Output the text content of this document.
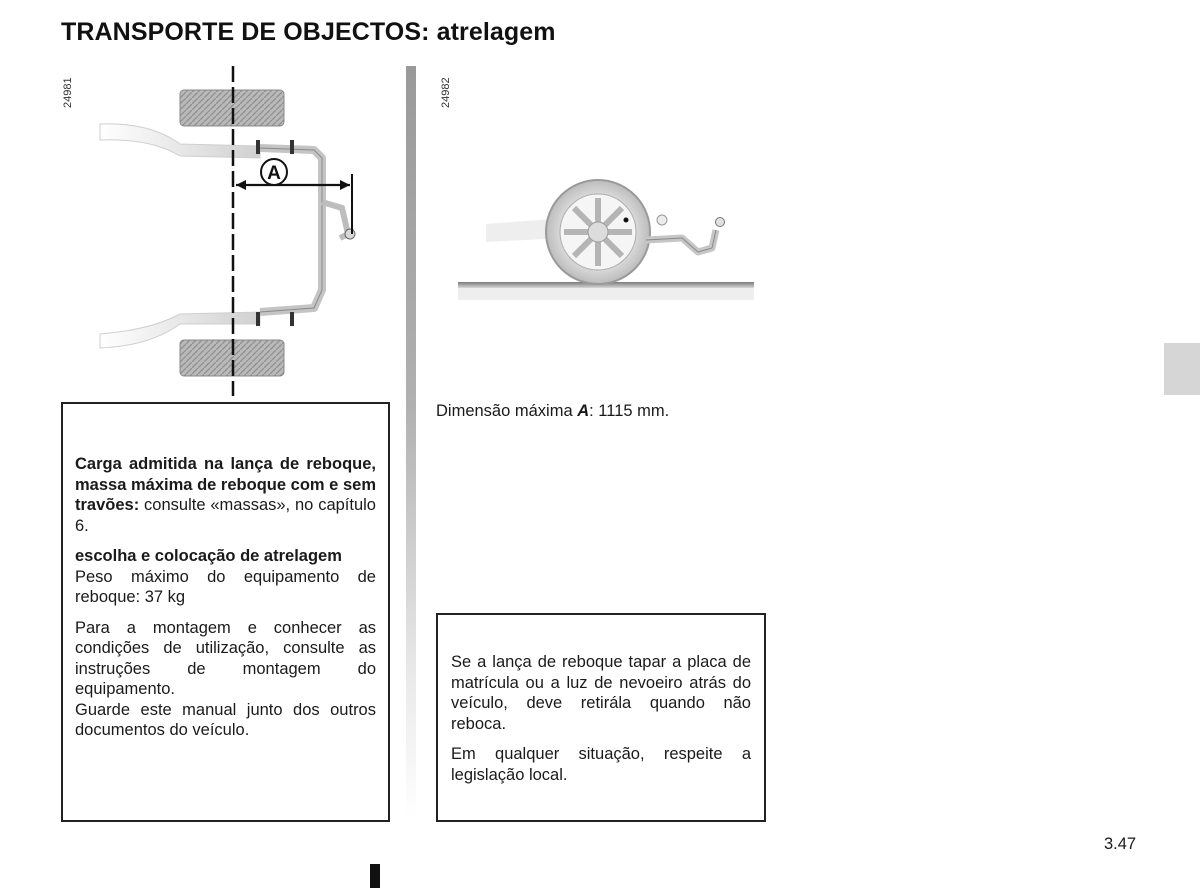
TRANSPORTE DE OBJECTOS: atrelagem
24981
A
24982

Carga admitida na lança de reboque, massa máxima de reboque com e sem travões: consulte «massas», no capítulo 6.

escolha e colocação de atrelagem

Peso máximo do equipamento de reboque: 37 kg

Para a montagem e conhecer as condições de utilização, consulte as instruções de montagem do equipamento.

Guarde este manual junto dos outros documentos do veículo.

Dimensão máxima A: 1115 mm.

Se a lança de reboque tapar a placa de matrícula ou a luz de nevoeiro atrás do veículo, deve retirála quando não reboca.

Em qualquer situação, respeite a legislação local.

3.47
